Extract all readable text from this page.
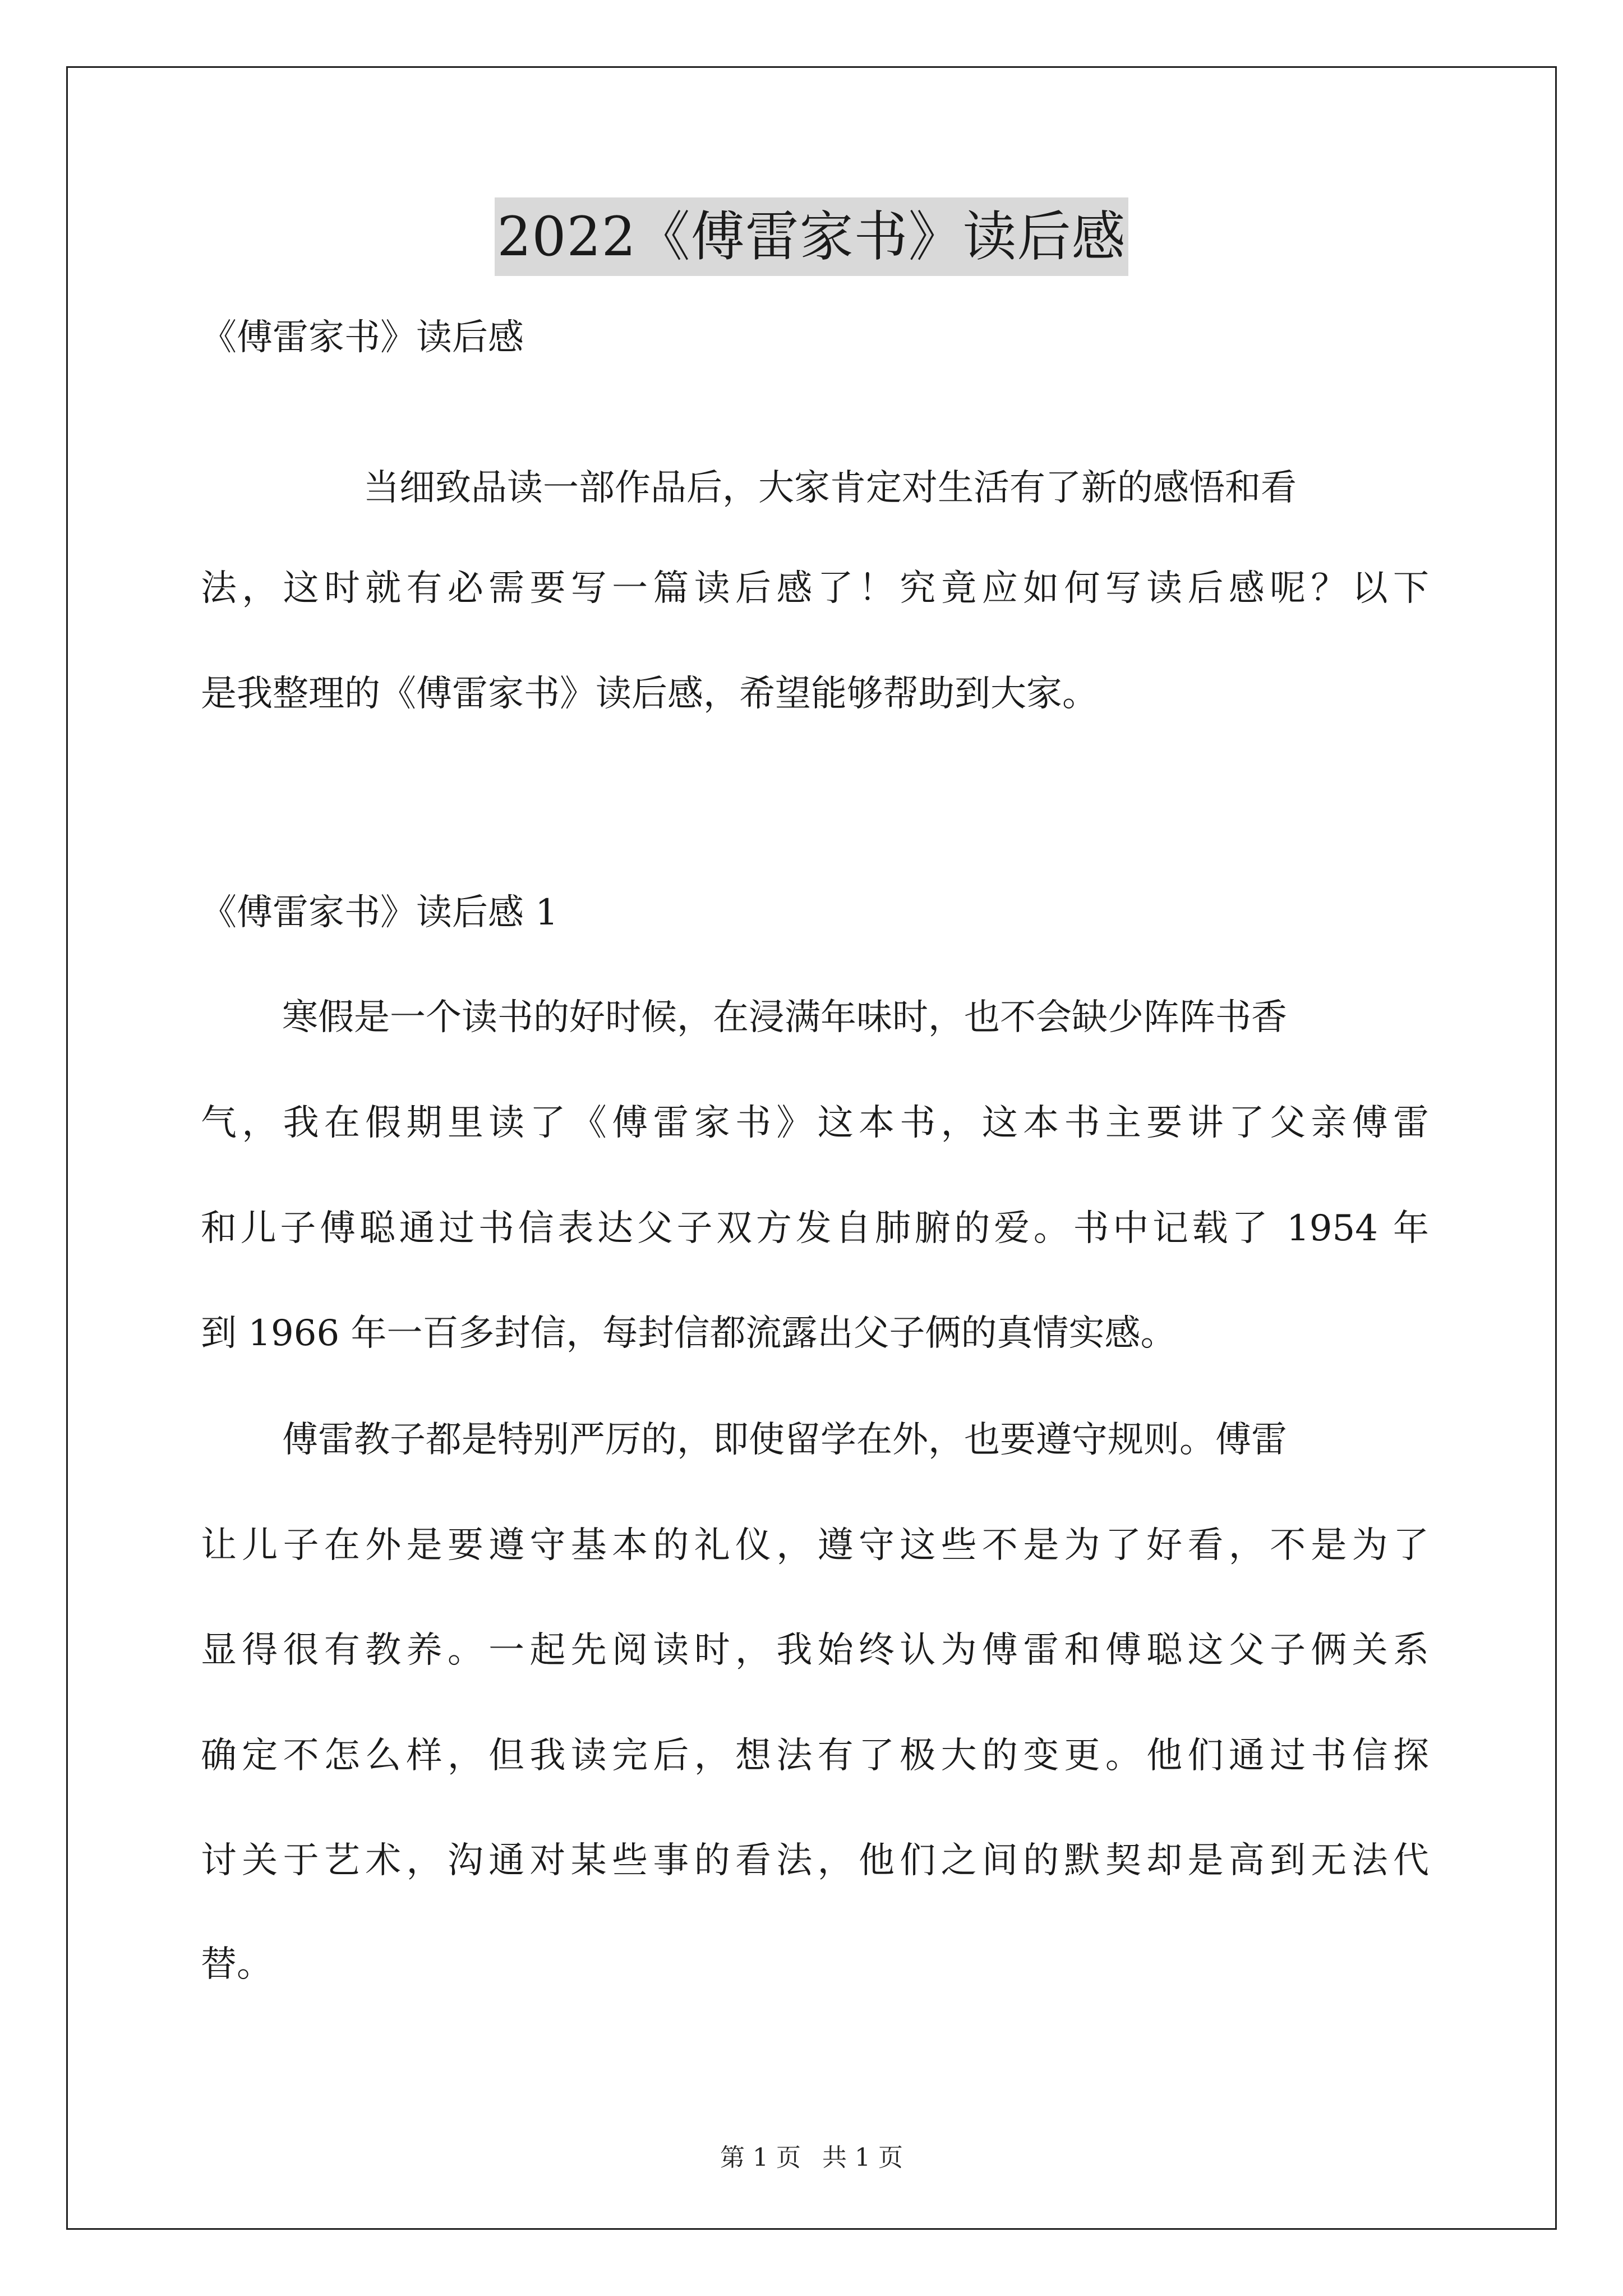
2022《傅雷家书》读后感
《傅雷家书》读后感
当细致品读一部作品后，大家肯定对生活有了新的感悟和看
法，这时就有必需要写一篇读后感了！究竟应如何写读后感呢？以下
是我整理的《傅雷家书》读后感，希望能够帮助到大家。
《傅雷家书》读后感 1
寒假是一个读书的好时候，在浸满年味时，也不会缺少阵阵书香
气，我在假期里读了《傅雷家书》这本书，这本书主要讲了父亲傅雷
和儿子傅聪通过书信表达父子双方发自肺腑的爱。书中记载了 1954 年
到 1966 年一百多封信，每封信都流露出父子俩的真情实感。
傅雷教子都是特别严厉的，即使留学在外，也要遵守规则。傅雷
让儿子在外是要遵守基本的礼仪，遵守这些不是为了好看，不是为了
显得很有教养。一起先阅读时，我始终认为傅雷和傅聪这父子俩关系
确定不怎么样，但我读完后，想法有了极大的变更。他们通过书信探
讨关于艺术，沟通对某些事的看法，他们之间的默契却是高到无法代
替。
第 1 页 共 1 页
